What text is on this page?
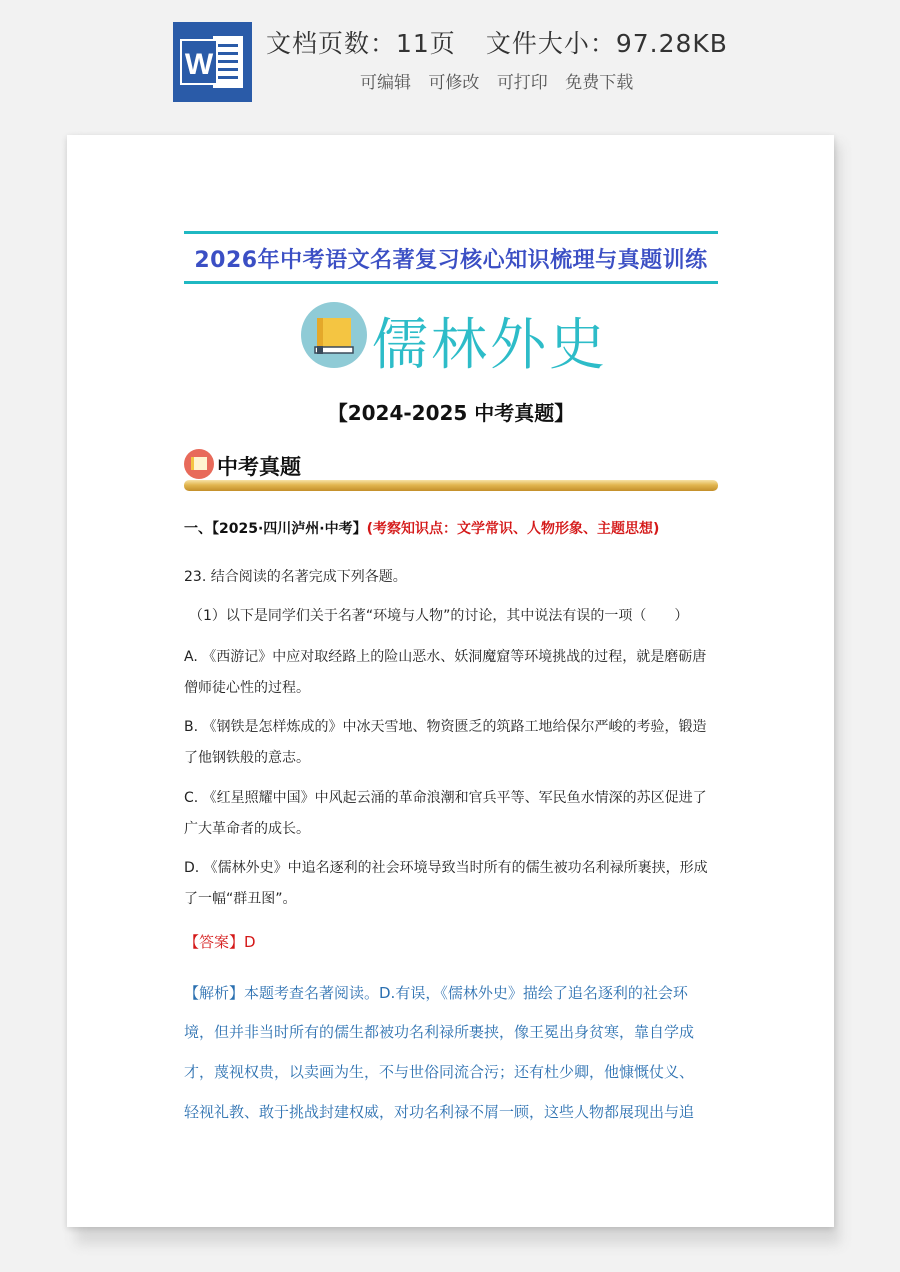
W
文档页数：11页 文件大小：97.28KB
可编辑 可修改 可打印 免费下载
2026年中考语文名著复习核心知识梳理与真题训练
儒林外史
【2024-2025 中考真题】
中考真题
一、【2025·四川泸州·中考】(考察知识点：文学常识、人物形象、主题思想)
23. 结合阅读的名著完成下列各题。
（1）以下是同学们关于名著“环境与人物”的讨论，其中说法有误的一项（　　）
A. 《西游记》中应对取经路上的险山恶水、妖洞魔窟等环境挑战的过程，就是磨砺唐
僧师徒心性的过程。
B. 《钢铁是怎样炼成的》中冰天雪地、物资匮乏的筑路工地给保尔严峻的考验，锻造
了他钢铁般的意志。
C. 《红星照耀中国》中风起云涌的革命浪潮和官兵平等、军民鱼水情深的苏区促进了
广大革命者的成长。
D. 《儒林外史》中追名逐利的社会环境导致当时所有的儒生被功名利禄所裹挟，形成
了一幅“群丑图”。
【答案】D
【解析】本题考查名著阅读。D.有误，《儒林外史》描绘了追名逐利的社会环
境，但并非当时所有的儒生都被功名利禄所裹挟，像王冕出身贫寒，靠自学成
才，蔑视权贵，以卖画为生，不与世俗同流合污；还有杜少卿，他慷慨仗义、
轻视礼教、敢于挑战封建权威，对功名利禄不屑一顾，这些人物都展现出与追
